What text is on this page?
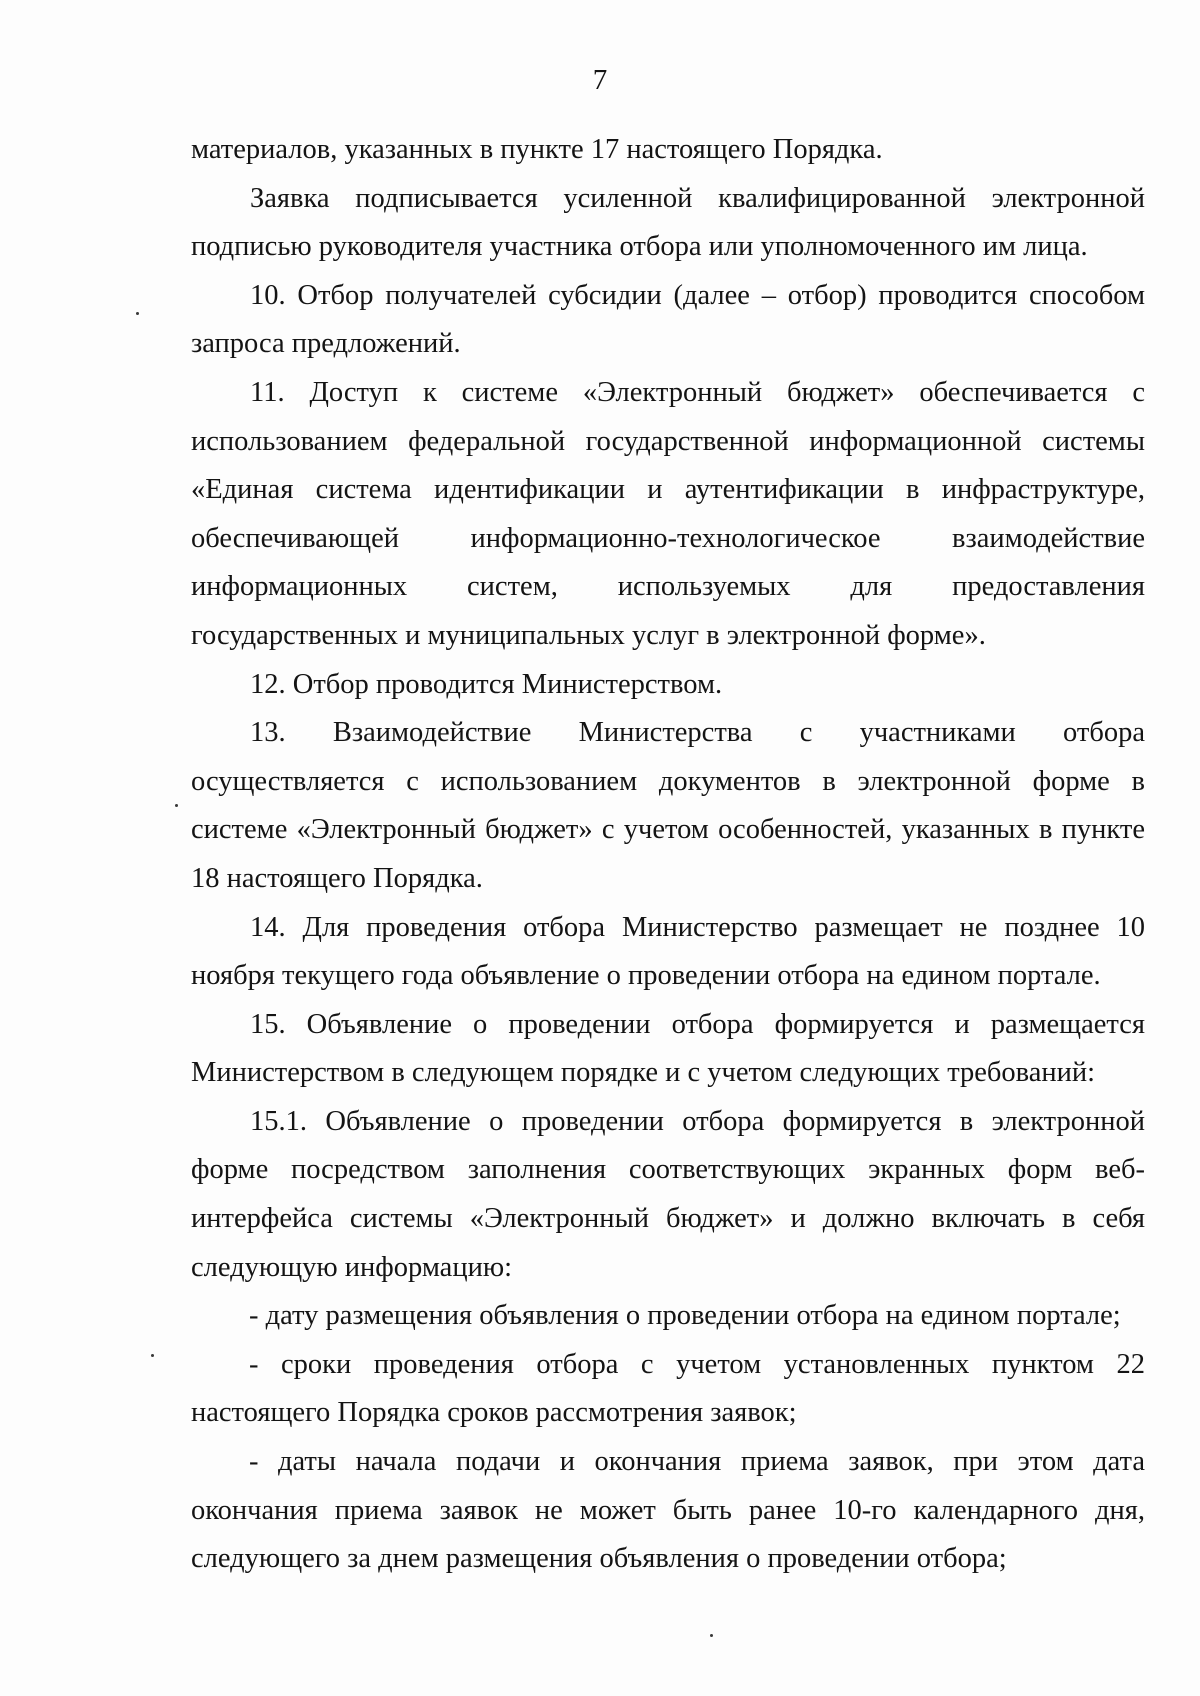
7

материалов, указанных в пункте 17 настоящего Порядка.

Заявка подписывается усиленной квалифицированной электронной подписью руководителя участника отбора или уполномоченного им лица.

10. Отбор получателей субсидии (далее – отбор) проводится способом запроса предложений.

11. Доступ к системе «Электронный бюджет» обеспечивается с использованием федеральной государственной информационной системы «Единая система идентификации и аутентификации в инфраструктуре, обеспечивающей информационно-технологическое взаимодействие информационных систем, используемых для предоставления государственных и муниципальных услуг в электронной форме».

12. Отбор проводится Министерством.

13. Взаимодействие Министерства с участниками отбора осуществляется с использованием документов в электронной форме в системе «Электронный бюджет» с учетом особенностей, указанных в пункте 18 настоящего Порядка.

14. Для проведения отбора Министерство размещает не позднее 10 ноября текущего года объявление о проведении отбора на едином портале.

15. Объявление о проведении отбора формируется и размещается Министерством в следующем порядке и с учетом следующих требований:

15.1. Объявление о проведении отбора формируется в электронной форме посредством заполнения соответствующих экранных форм веб-интерфейса системы «Электронный бюджет» и должно включать в себя следующую информацию:

- дату размещения объявления о проведении отбора на едином портале;

- сроки проведения отбора с учетом установленных пунктом 22 настоящего Порядка сроков рассмотрения заявок;

- даты начала подачи и окончания приема заявок, при этом дата окончания приема заявок не может быть ранее 10-го календарного дня, следующего за днем размещения объявления о проведении отбора;
